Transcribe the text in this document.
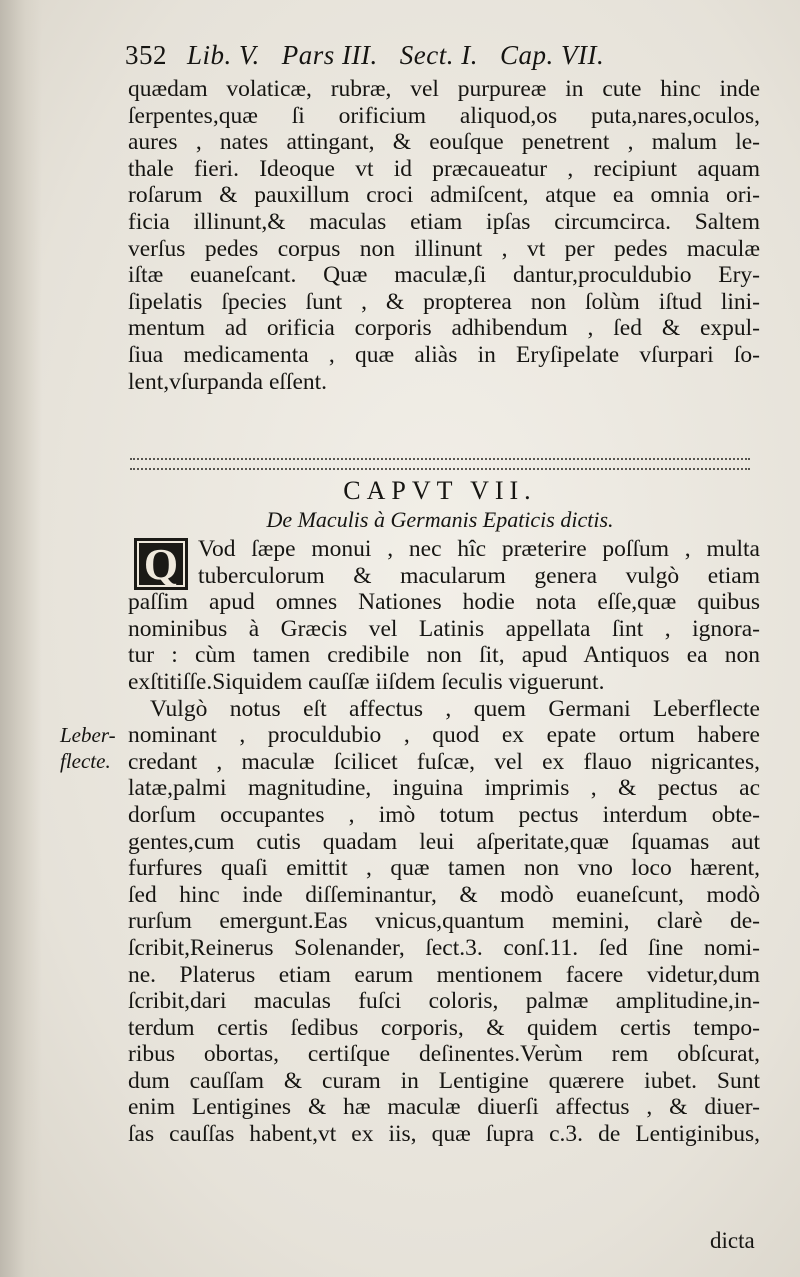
352 Lib. V. Pars III. Sect. I. Cap. VII.
quædam volaticæ, rubræ, vel purpureæ in cute hinc inde
ſerpentes,quæ ſi orificium aliquod,os puta,nares,oculos,
aures , nates attingant, & eouſque penetrent , malum le-
thale fieri. Ideoque vt id præcaueatur , recipiunt aquam
roſarum & pauxillum croci admiſcent, atque ea omnia ori-
ficia illinunt,& maculas etiam ipſas circumcirca. Saltem
verſus pedes corpus non illinunt , vt per pedes maculæ
iſtæ euaneſcant. Quæ maculæ,ſi dantur,proculdubio Ery-
ſipelatis ſpecies ſunt , & propterea non ſolùm iſtud lini-
mentum ad orificia corporis adhibendum , ſed & expul-
ſiua medicamenta , quæ aliàs in Eryſipelate vſurpari ſo-
lent,vſurpanda eſſent.
CAPVT VII.
De Maculis à Germanis Epaticis dictis.
Q
Leber-
flecte.
Vod ſæpe monui , nec hîc præterire poſſum , multa
tuberculorum & macularum genera vulgò etiam
paſſim apud omnes Nationes hodie nota eſſe,quæ quibus
nominibus à Græcis vel Latinis appellata ſint , ignora-
tur : cùm tamen credibile non ſit, apud Antiquos ea non
exſtitiſſe.Siquidem cauſſæ iiſdem ſeculis viguerunt.
Vulgò notus eſt affectus , quem Germani Leberflecte
nominant , proculdubio , quod ex epate ortum habere
credant , maculæ ſcilicet fuſcæ, vel ex flauo nigricantes,
latæ,palmi magnitudine, inguina imprimis , & pectus ac
dorſum occupantes , imò totum pectus interdum obte-
gentes,cum cutis quadam leui aſperitate,quæ ſquamas aut
furfures quaſi emittit , quæ tamen non vno loco hærent,
ſed hinc inde diſſeminantur, & modò euaneſcunt, modò
rurſum emergunt.Eas vnicus,quantum memini, clarè de-
ſcribit,Reinerus Solenander, ſect.3. conſ.11. ſed ſine nomi-
ne. Platerus etiam earum mentionem facere videtur,dum
ſcribit,dari maculas fuſci coloris, palmæ amplitudine,in-
terdum certis ſedibus corporis, & quidem certis tempo-
ribus obortas, certiſque deſinentes.Verùm rem obſcurat,
dum cauſſam & curam in Lentigine quærere iubet. Sunt
enim Lentigines & hæ maculæ diuerſi affectus , & diuer-
ſas cauſſas habent,vt ex iis, quæ ſupra c.3. de Lentiginibus,
dicta
